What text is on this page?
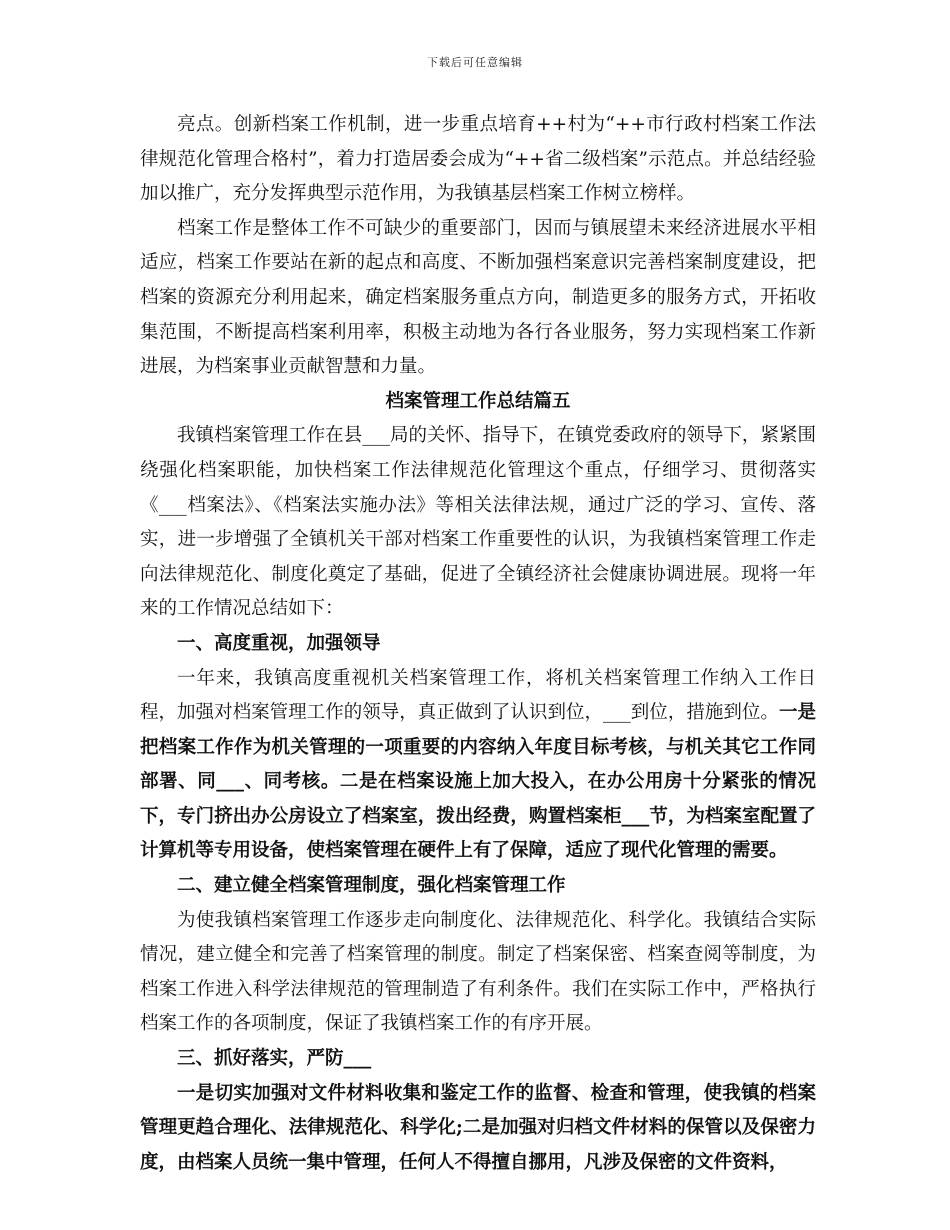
下载后可任意编辑

亮点。创新档案工作机制，进一步重点培育++村为“++市行政村档案工作法律规范化管理合格村”，着力打造居委会成为“++省二级档案”示范点。并总结经验加以推广，充分发挥典型示范作用，为我镇基层档案工作树立榜样。

档案工作是整体工作不可缺少的重要部门，因而与镇展望未来经济进展水平相适应，档案工作要站在新的起点和高度、不断加强档案意识完善档案制度建设，把档案的资源充分利用起来，确定档案服务重点方向，制造更多的服务方式，开拓收集范围，不断提高档案利用率，积极主动地为各行各业服务，努力实现档案工作新进展，为档案事业贡献智慧和力量。

档案管理工作总结篇五

我镇档案管理工作在县___局的关怀、指导下，在镇党委政府的领导下，紧紧围绕强化档案职能，加快档案工作法律规范化管理这个重点，仔细学习、贯彻落实《___档案法》、《档案法实施办法》等相关法律法规，通过广泛的学习、宣传、落实，进一步增强了全镇机关干部对档案工作重要性的认识，为我镇档案管理工作走向法律规范化、制度化奠定了基础，促进了全镇经济社会健康协调进展。现将一年来的工作情况总结如下：

一、高度重视，加强领导

一年来，我镇高度重视机关档案管理工作，将机关档案管理工作纳入工作日程，加强对档案管理工作的领导，真正做到了认识到位，___到位，措施到位。一是把档案工作作为机关管理的一项重要的内容纳入年度目标考核，与机关其它工作同部署、同___、同考核。二是在档案设施上加大投入，在办公用房十分紧张的情况下，专门挤出办公房设立了档案室，拨出经费，购置档案柜___节，为档案室配置了计算机等专用设备，使档案管理在硬件上有了保障，适应了现代化管理的需要。

二、建立健全档案管理制度，强化档案管理工作

为使我镇档案管理工作逐步走向制度化、法律规范化、科学化。我镇结合实际情况，建立健全和完善了档案管理的制度。制定了档案保密、档案查阅等制度，为档案工作进入科学法律规范的管理制造了有利条件。我们在实际工作中，严格执行档案工作的各项制度，保证了我镇档案工作的有序开展。

三、抓好落实，严防___

一是切实加强对文件材料收集和鉴定工作的监督、检查和管理，使我镇的档案管理更趋合理化、法律规范化、科学化;二是加强对归档文件材料的保管以及保密力度，由档案人员统一集中管理，任何人不得擅自挪用，凡涉及保密的文件资料，
